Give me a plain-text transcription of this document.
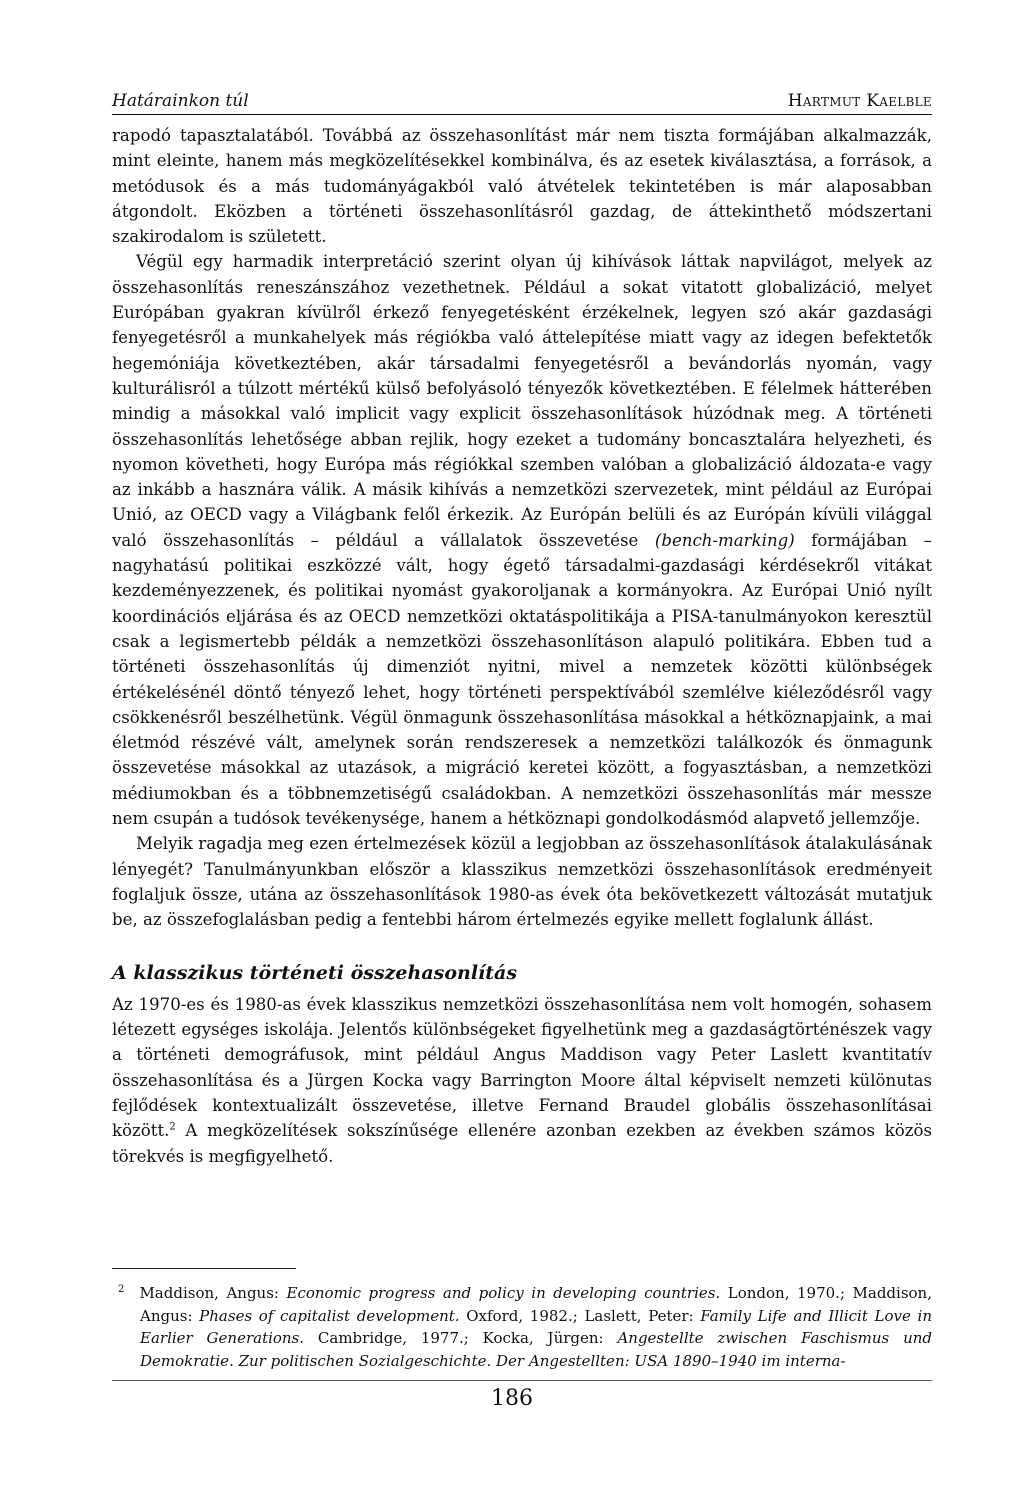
Határainkon túl	Hartmut Kaelble

rapodó tapasztalatából. Továbbá az összehasonlítást már nem tiszta formájában alkalmazzák, mint eleinte, hanem más megközelítésekkel kombinálva, és az esetek kiválasztása, a források, a metódusok és a más tudományágakból való átvételek tekintetében is már alaposabban átgondolt. Eközben a történeti összehasonlításról gazdag, de áttekinthető módszertani szakirodalom is született.

Végül egy harmadik interpretáció szerint olyan új kihívások láttak napvilágot, melyek az összehasonlítás reneszánszához vezethetnek. Például a sokat vitatott globalizáció, melyet Európában gyakran kívülről érkező fenyegetésként érzékelnek, legyen szó akár gazdasági fenyegetésről a munkahelyek más régiókba való áttelepítése miatt vagy az idegen befektetők hegemóniája következtében, akár társadalmi fenyegetésről a bevándorlás nyomán, vagy kulturálisról a túlzott mértékű külső befolyásoló tényezők következtében. E félelmek hátterében mindig a másokkal való implicit vagy explicit összehasonlítások húzódnak meg. A történeti összehasonlítás lehetősége abban rejlik, hogy ezeket a tudomány boncasztalára helyezheti, és nyomon követheti, hogy Európa más régiókkal szemben valóban a globalizáció áldozata-e vagy az inkább a hasznára válik. A másik kihívás a nemzetközi szervezetek, mint például az Európai Unió, az OECD vagy a Világbank felől érkezik. Az Európán belüli és az Európán kívüli világgal való összehasonlítás – például a vállalatok összevetése (bench-marking) formájában – nagyhatású politikai eszközzé vált, hogy égető társadalmi-gazdasági kérdésekről vitákat kezdeményezzenek, és politikai nyomást gyakoroljanak a kormányokra. Az Európai Unió nyílt koordinációs eljárása és az OECD nemzetközi oktatáspolitikája a PISA-tanulmányokon keresztül csak a legismertebb példák a nemzetközi összehasonlításon alapuló politikára. Ebben tud a történeti összehasonlítás új dimenziót nyitni, mivel a nemzetek közötti különbségek értékelésénél döntő tényező lehet, hogy történeti perspektívából szemlélve kiéleződésről vagy csökkenésről beszélhetünk. Végül önmagunk összehasonlítása másokkal a hétköznapjaink, a mai életmód részévé vált, amelynek során rendszeresek a nemzetközi találkozók és önmagunk összevetése másokkal az utazások, a migráció keretei között, a fogyasztásban, a nemzetközi médiumokban és a többnemzetiségű családokban. A nemzetközi összehasonlítás már messze nem csupán a tudósok tevékenysége, hanem a hétköznapi gondolkodásmód alapvető jellemzője.

Melyik ragadja meg ezen értelmezések közül a legjobban az összehasonlítások átalakulásának lényegét? Tanulmányunkban először a klasszikus nemzetközi összehasonlítások eredményeit foglaljuk össze, utána az összehasonlítások 1980-as évek óta bekövetkezett változását mutatjuk be, az összefoglalásban pedig a fentebbi három értelmezés egyike mellett foglalunk állást.

A klasszikus történeti összehasonlítás

Az 1970-es és 1980-as évek klasszikus nemzetközi összehasonlítása nem volt homogén, sohasem létezett egységes iskolája. Jelentős különbségeket figyelhetünk meg a gazdaságtörténészek vagy a történeti demográfusok, mint például Angus Maddison vagy Peter Laslett kvantitatív összehasonlítása és a Jürgen Kocka vagy Barrington Moore által képviselt nemzeti különutas fejlődések kontextualizált összevetése, illetve Fernand Braudel globális összehasonlításai között.$^2$ A megközelítések sokszínűsége ellenére azonban ezekben az években számos közös törekvés is megfigyelhető.

$^2$ Maddison, Angus: Economic progress and policy in developing countries. London, 1970.; Maddison, Angus: Phases of capitalist development. Oxford, 1982.; Laslett, Peter: Family Life and Illicit Love in Earlier Generations. Cambridge, 1977.; Kocka, Jürgen: Angestellte zwischen Faschismus und Demokratie. Zur politischen Sozialgeschichte. Der Angestellten: USA 1890–1940 im interna-
186
